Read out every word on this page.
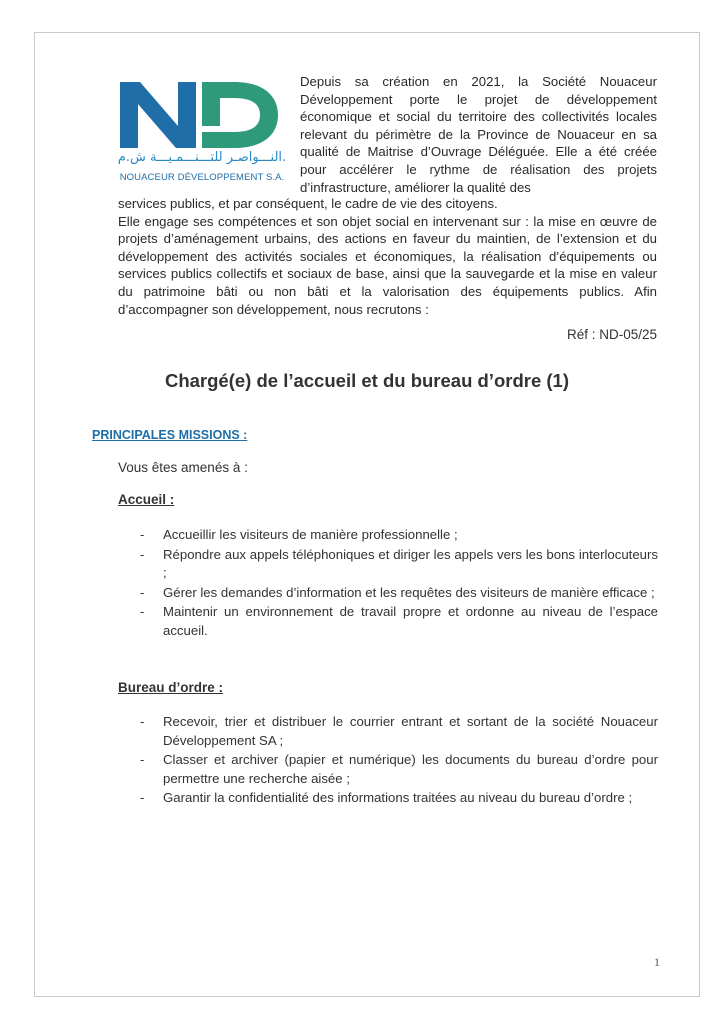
النـــواصـر للتـــنـــمـيـــة ش.م.
NOUACEUR DÉVELOPPEMENT S.A.
Depuis sa création en 2021, la Société Nouaceur Développement porte le projet de développement économique et social du territoire des collectivités locales relevant du périmètre de la Province de Nouaceur en sa qualité de Maitrise d’Ouvrage Déléguée. Elle a été créée pour accélérer le rythme de réalisation des projets d’infrastructure, améliorer la qualité des
services publics, et par conséquent, le cadre de vie des citoyens.
Elle engage ses compétences et son objet social en intervenant sur : la mise en œuvre de projets d’aménagement urbains, des actions en faveur du maintien, de l’extension et du développement des activités sociales et économiques, la réalisation d’équipements ou services publics collectifs et sociaux de base, ainsi que la sauvegarde et la mise en valeur du patrimoine bâti ou non bâti et la valorisation des équipements publics. Afin d’accompagner son développement, nous recrutons :
Réf : ND-05/25
Chargé(e) de l’accueil et du bureau d’ordre (1)
PRINCIPALES MISSIONS :
Vous êtes amenés à :
Accueil :
- Accueillir les visiteurs de manière professionnelle ;
- Répondre aux appels téléphoniques et diriger les appels vers les bons interlocuteurs ;
- Gérer les demandes d’information et les requêtes des visiteurs de manière efficace ;
- Maintenir un environnement de travail propre et ordonne au niveau de l’espace accueil.
Bureau d’ordre :
- Recevoir, trier et distribuer le courrier entrant et sortant de la société Nouaceur Développement SA ;
- Classer et archiver (papier et numérique) les documents du bureau d’ordre pour permettre une recherche aisée ;
- Garantir la confidentialité des informations traitées au niveau du bureau d’ordre ;
1
